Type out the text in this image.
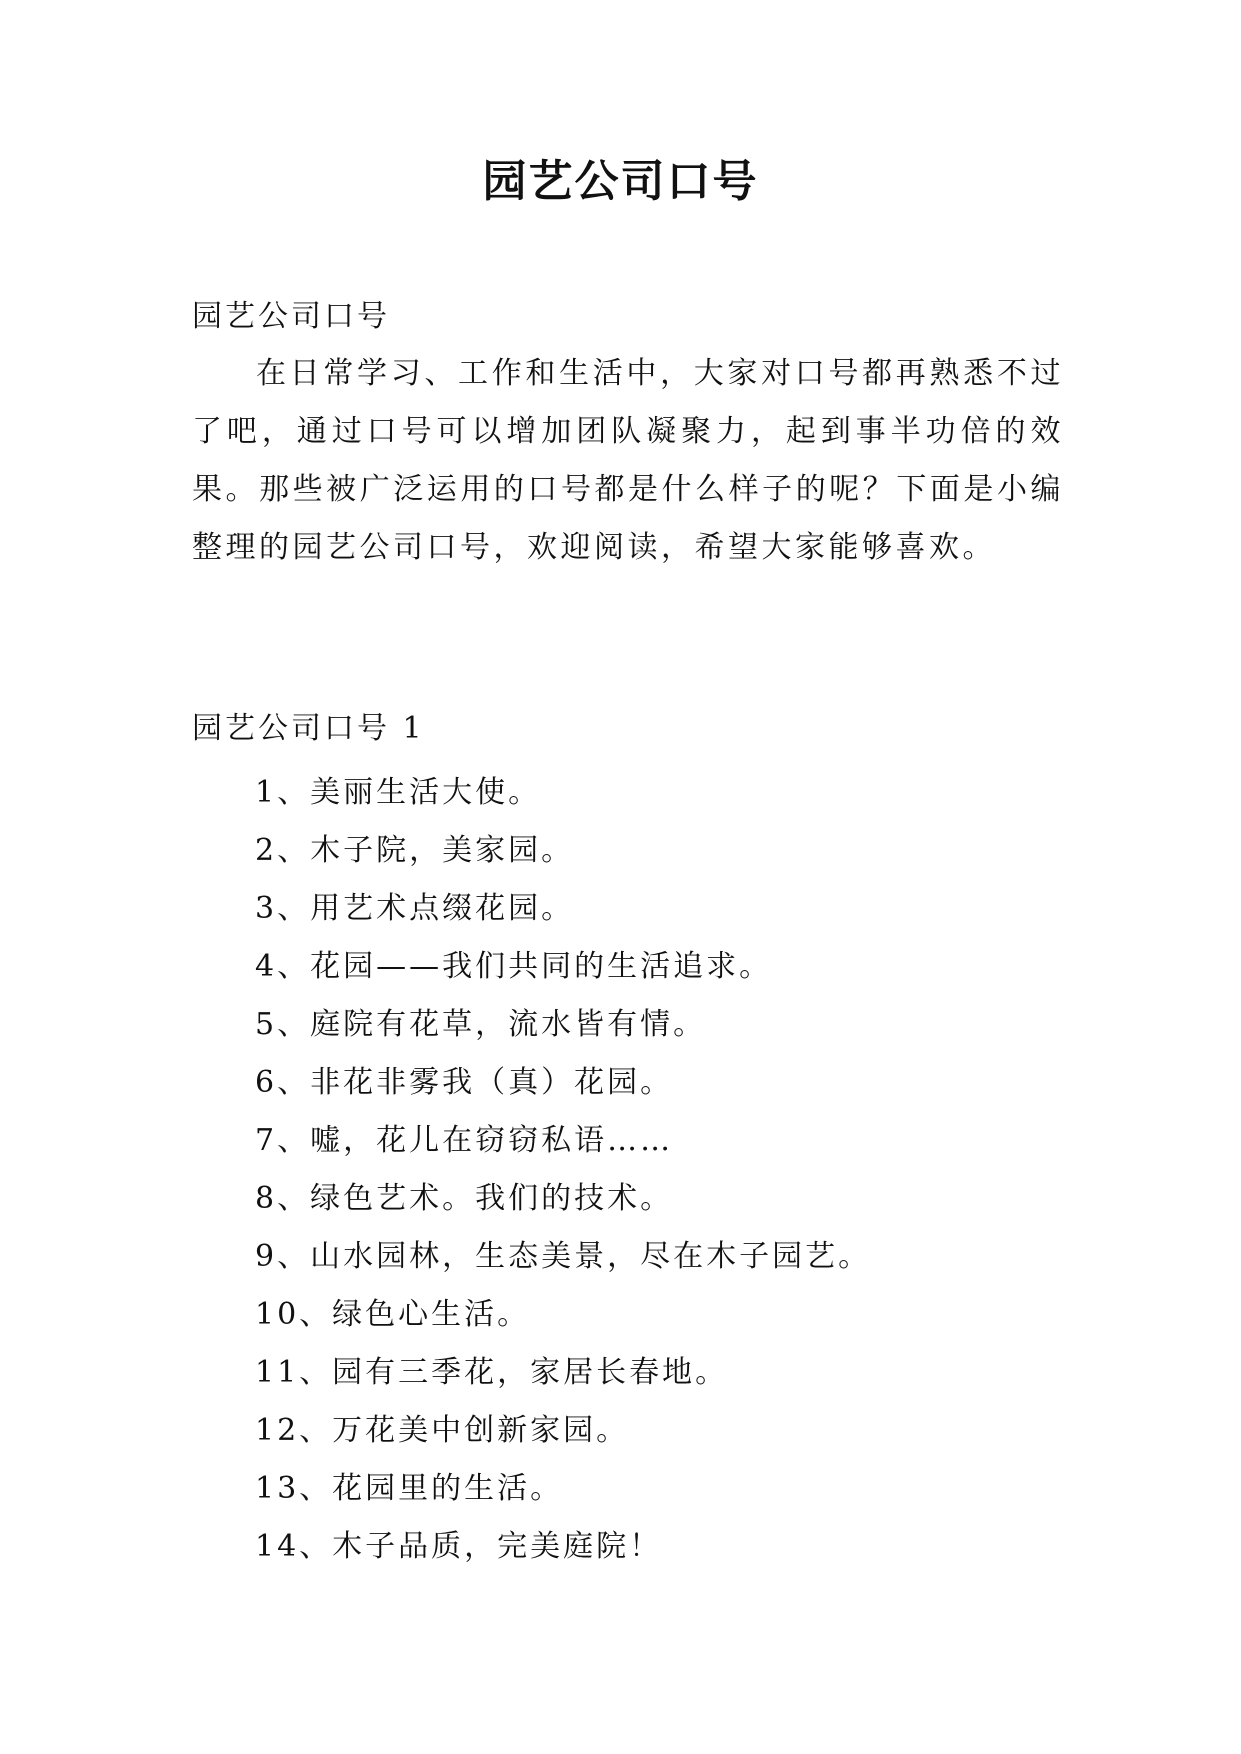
园艺公司口号
园艺公司口号

在日常学习、工作和生活中，大家对口号都再熟悉不过了吧，通过口号可以增加团队凝聚力，起到事半功倍的效果。那些被广泛运用的口号都是什么样子的呢？下面是小编整理的园艺公司口号，欢迎阅读，希望大家能够喜欢。

园艺公司口号 1
1、美丽生活大使。
2、木子院，美家园。
3、用艺术点缀花园。
4、花园——我们共同的生活追求。
5、庭院有花草，流水皆有情。
6、非花非雾我（真）花园。
7、嘘，花儿在窃窃私语……
8、绿色艺术。我们的技术。
9、山水园林，生态美景，尽在木子园艺。
10、绿色心生活。
11、园有三季花，家居长春地。
12、万花美中创新家园。
13、花园里的生活。
14、木子品质，完美庭院！
